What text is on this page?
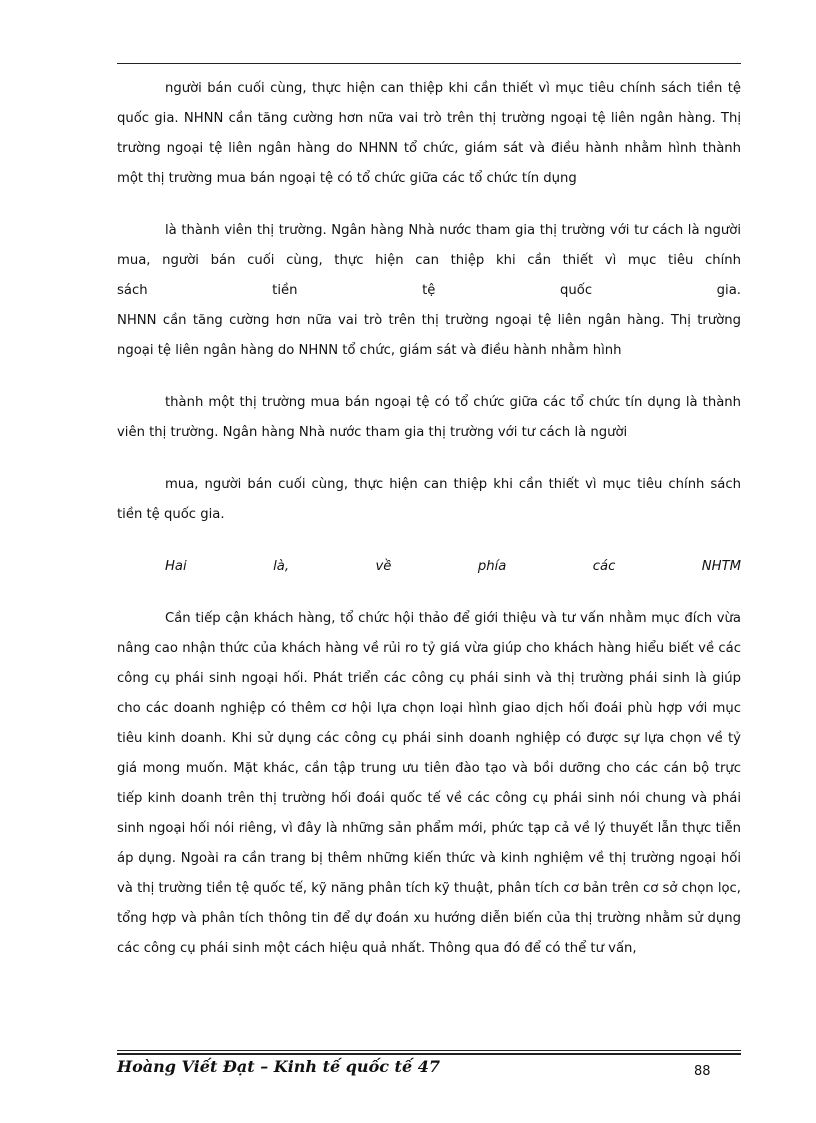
người bán cuối cùng, thực hiện can thiệp khi cần thiết vì mục tiêu chính sách tiền tệ quốc gia. NHNN cần tăng cường hơn nữa vai trò trên thị trường ngoại tệ liên ngân hàng. Thị trường ngoại tệ liên ngân hàng do NHNN tổ chức, giám sát và điều hành nhằm hình thành một thị trường mua bán ngoại tệ có tổ chức giữa các tổ chức tín dụng

là thành viên thị trường. Ngân hàng Nhà nước tham gia thị trường với tư cách là người mua, người bán cuối cùng, thực hiện can thiệp khi cần thiết vì mục tiêu chính

sách tiền tệ quốc gia.

NHNN cần tăng cường hơn nữa vai trò trên thị trường ngoại tệ liên ngân hàng. Thị trường ngoại tệ liên ngân hàng do NHNN tổ chức, giám sát và điều hành nhằm hình

thành một thị trường mua bán ngoại tệ có tổ chức giữa các tổ chức tín dụng là thành viên thị trường. Ngân hàng Nhà nước tham gia thị trường với tư cách là người

mua, người bán cuối cùng, thực hiện can thiệp khi cần thiết vì mục tiêu chính sách tiền tệ quốc gia.

Hai là, về phía các NHTM

Cần tiếp cận khách hàng, tổ chức hội thảo để giới thiệu và tư vấn nhằm mục đích vừa nâng cao nhận thức của khách hàng về rủi ro tỷ giá vừa giúp cho khách hàng hiểu biết về các công cụ phái sinh ngoại hối. Phát triển các công cụ phái sinh và thị trường phái sinh là giúp cho các doanh nghiệp có thêm cơ hội lựa chọn loại hình giao dịch hối đoái phù hợp với mục tiêu kinh doanh. Khi sử dụng các công cụ phái sinh doanh nghiệp có được sự lựa chọn về tỷ giá mong muốn. Mặt khác, cần tập trung ưu tiên đào tạo và bồi dưỡng cho các cán bộ trực tiếp kinh doanh trên thị trường hối đoái quốc tế về các công cụ phái sinh nói chung và phái sinh ngoại hối nói riêng, vì đây là những sản phẩm mới, phức tạp cả về lý thuyết lẫn thực tiễn áp dụng. Ngoài ra cần trang bị thêm những kiến thức và kinh nghiệm về thị trường ngoại hối và thị trường tiền tệ quốc tế, kỹ năng phân tích kỹ thuật, phân tích cơ bản trên cơ sở chọn lọc, tổng hợp và phân tích thông tin để dự đoán xu hướng diễn biến của thị trường nhằm sử dụng các công cụ phái sinh một cách hiệu quả nhất. Thông qua đó để có thể tư vấn,

Hoàng Viết Đạt – Kinh tế quốc tế 47	88
